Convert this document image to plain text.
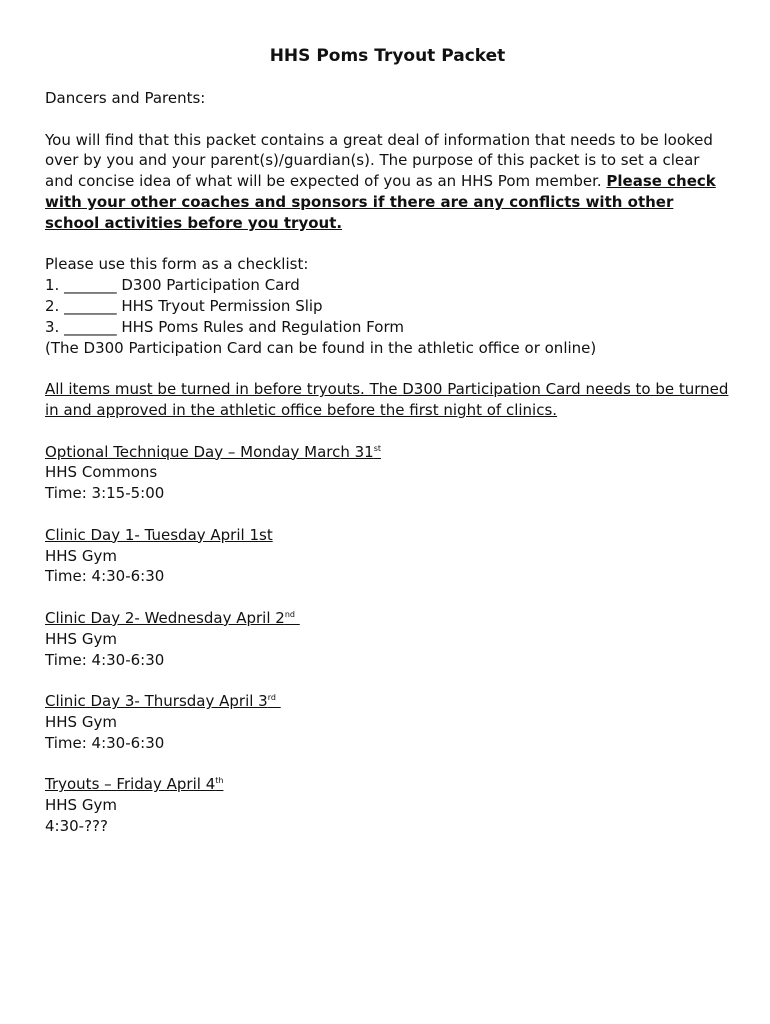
HHS Poms Tryout Packet

Dancers and Parents:

You will find that this packet contains a great deal of information that needs to be looked over by you and your parent(s)/guardian(s). The purpose of this packet is to set a clear and concise idea of what will be expected of you as an HHS Pom member. Please check with your other coaches and sponsors if there are any conflicts with other school activities before you tryout.

Please use this form as a checklist:

1. _______ D300 Participation Card

2. _______ HHS Tryout Permission Slip

3. _______ HHS Poms Rules and Regulation Form

(The D300 Participation Card can be found in the athletic office or online)

All items must be turned in before tryouts. The D300 Participation Card needs to be turned in and approved in the athletic office before the first night of clinics.

Optional Technique Day – Monday March 31st

HHS Commons

Time: 3:15-5:00

Clinic Day 1- Tuesday April 1st

HHS Gym

Time: 4:30-6:30

Clinic Day 2- Wednesday April 2nd

HHS Gym

Time: 4:30-6:30

Clinic Day 3- Thursday April 3rd

HHS Gym

Time: 4:30-6:30

Tryouts – Friday April 4th

HHS Gym

4:30-???
